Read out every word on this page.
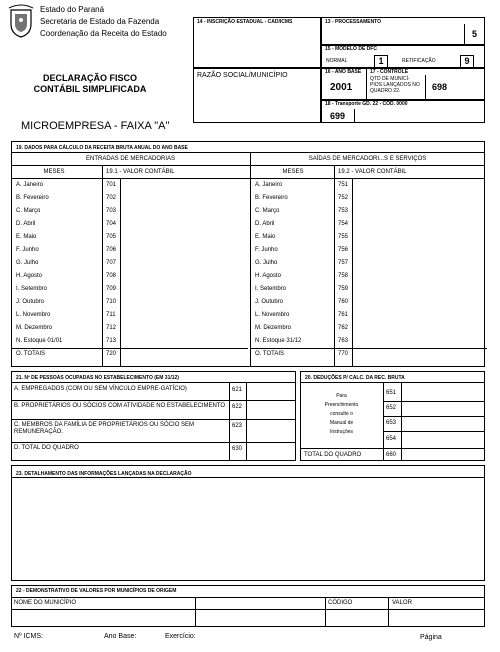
Estado do Paraná
Secretaria de Estado da Fazenda
Coordenação da Receita do Estado
DECLARAÇÃO FISCO
CONTÁBIL SIMPLIFICADA
MICROEMPRESA - FAIXA "A"
14 - INSCRIÇÃO ESTADUAL - CAD/ICMS	13 - PROCESSAMENTO
5
15 - MODELO DE DFC
NORMAL	1	RETIFICAÇÃO	9
RAZÃO SOCIAL/MUNICÍPIO	16 - ANO BASE 17 - CONTROLE
2001
QTD DE MUNICÍ- PIOS LANÇADOS NO QUADRO 22.	698
18 - Transporte GD. 22 - CÓD. 0000
699
19. DADOS PARA CÁLCULO DA RECEITA BRUTA ANUAL DO ANO BASE
ENTRADAS DE MERCADORIAS	SAÍDAS DE MERCADORI...S E SERVIÇOS
MESES	19.1 - VALOR CONTÁBIL	MESES	19.2 - VALOR CONTÁBIL
A. Janeiro	701
B. Fevereiro	702
C. Março	703
D. Abril	704
E. Maio	705
F. Junho	706
G. Julho	707
H. Agosto	708
I. Setembro	709
J. Outubro	710
L. Novembro	711
M. Dezembro	712
N. Estoque 01/01	713
O. TOTAIS	720
A. Janeiro	751
B. Fevereiro	752
C. Março	753
D. Abril	754
E. Maio	755
F. Junho	756
G. Julho	757
H. Agosto	758
I. Setembro	759
J. Outubro	760
L. Novembro	761
M. Dezembro	762
N. Estoque 31/12	763
O. TOTAIS	770
21. Nº DE PESSOAS OCUPADAS NO ESTABELECIMENTO (EM 31/12)
A. EMPREGADOS (COM OU SEM VÍNCULO EMPRE-GATÍCIO)	621
B. PROPRIETÁRIOS OU SÓCIOS COM ATIVIDADE NO ESTABELECIMENTO 622
C. MEMBROS DA FAMÍLIA DE PROPRIETÁRIOS OU SÓCIO SEM REMUNERAÇÃO.
623
D. TOTAL DO QUADRO	630
20. DEDUÇÕES P/ CALC. DA REC. BRUTA
Para
Preenchimento
consulte o
Manual de
Instruções
651
652
653
654
TOTAL DO QUADRO	660
23. DETALHAMENTO DAS INFORMAÇÕES LANÇADAS NA DECLARAÇÃO
22 - DEMONSTRATIVO DE VALORES POR MUNICÍPIOS DE ORIGEM
NOME DO MUNICÍPIO	CÓDIGO	VALOR
Nº ICMS:	Ano Base:	Exercício:	Página
